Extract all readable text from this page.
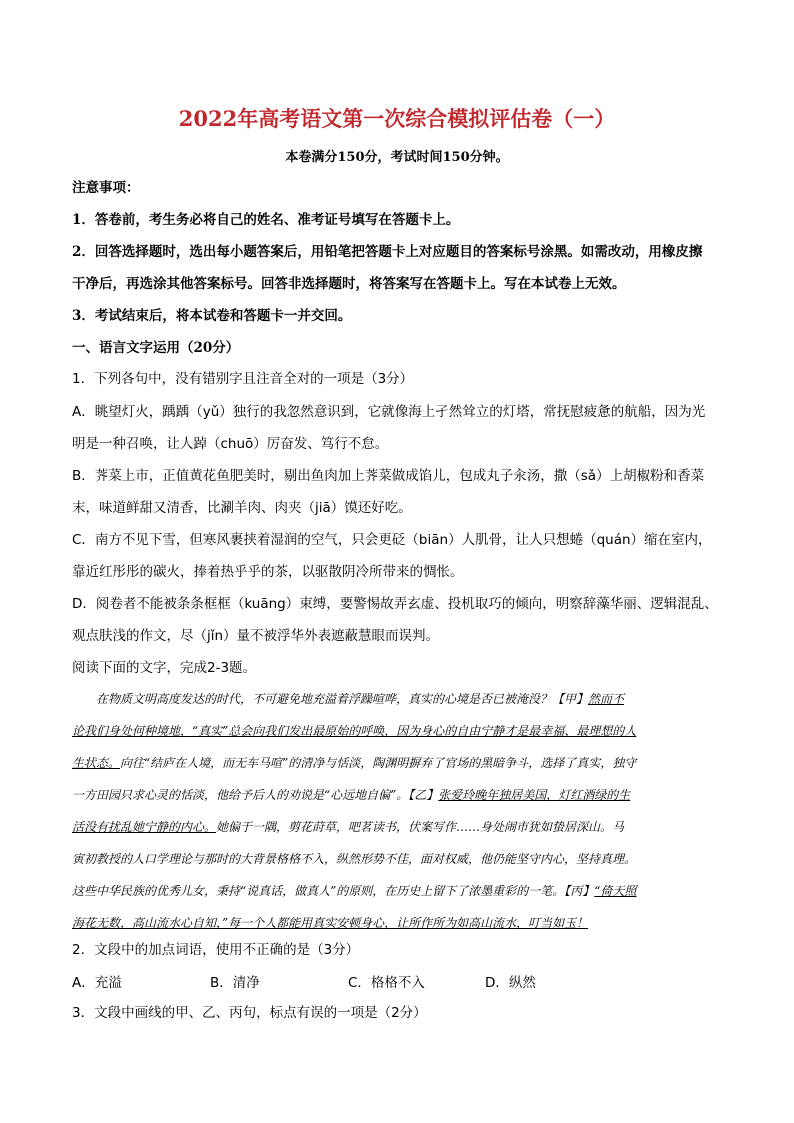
2022年高考语文第一次综合模拟评估卷（一）
本卷满分150分，考试时间150分钟。
注意事项：
1．答卷前，考生务必将自己的姓名、准考证号填写在答题卡上。
2．回答选择题时，选出每小题答案后，用铅笔把答题卡上对应题目的答案标号涂黑。如需改动，用橡皮擦
干净后，再选涂其他答案标号。回答非选择题时，将答案写在答题卡上。写在本试卷上无效。
3．考试结束后，将本试卷和答题卡一并交回。
一、语言文字运用（20分）
1．下列各句中，没有错别字且注音全对的一项是（3分）
A．眺望灯火，踽踽（yǔ）独行的我忽然意识到，它就像海上孑然耸立的灯塔，常抚慰疲惫的航船，因为光
明是一种召唤，让人踔（chuō）厉奋发、笃行不怠。
B．荠菜上市，正值黄花鱼肥美时，剔出鱼肉加上荠菜做成馅儿，包成丸子汆汤，撒（sǎ）上胡椒粉和香菜
末，味道鲜甜又清香，比涮羊肉、肉夹（jiā）馍还好吃。
C．南方不见下雪，但寒风裹挟着湿润的空气，只会更砭（biān）人肌骨，让人只想蜷（quán）缩在室内，
靠近红彤彤的碳火，捧着热乎乎的茶，以驱散阴冷所带来的惆怅。
D．阅卷者不能被条条框框（kuāng）束缚，要警惕故弄玄虚、投机取巧的倾向，明察辞藻华丽、逻辑混乱、
观点肤浅的作文，尽（jǐn）量不被浮华外表遮蔽慧眼而误判。
阅读下面的文字，完成2-3题。
在物质文明高度发达的时代，不可避免地充溢着浮躁喧哗，真实的心境是否已被淹没？【甲】然而不
论我们身处何种境地，“真实”总会向我们发出最原始的呼唤，因为身心的自由宁静才是最幸福、最理想的人
生状态。向往“结庐在人境，而无车马喧”的清净与恬淡，陶渊明摒弃了官场的黑暗争斗，选择了真实，独守
一方田园只求心灵的恬淡，他给予后人的劝说是“心远地自偏”。【乙】张爱玲晚年独居美国，灯红酒绿的生
活没有扰乱她宁静的内心。她偏于一隅，剪花莳草，吧茗读书，伏案写作……身处闹市犹如蛰居深山。马
寅初教授的人口学理论与那时的大背景格格不入，纵然形势不佳，面对权威，他仍能坚守内心，坚持真理。
这些中华民族的优秀儿女，秉持“说真话，做真人”的原则，在历史上留下了浓墨重彩的一笔。【丙】“倚天照
海花无数，高山流水心自知，”每一个人都能用真实安顿身心，让所作所为如高山流水，叮当如玉！
2．文段中的加点词语，使用不正确的是（3分）
A．充溢	B．清净	C．格格不入	D．纵然
3．文段中画线的甲、乙、丙句，标点有误的一项是（2分）
